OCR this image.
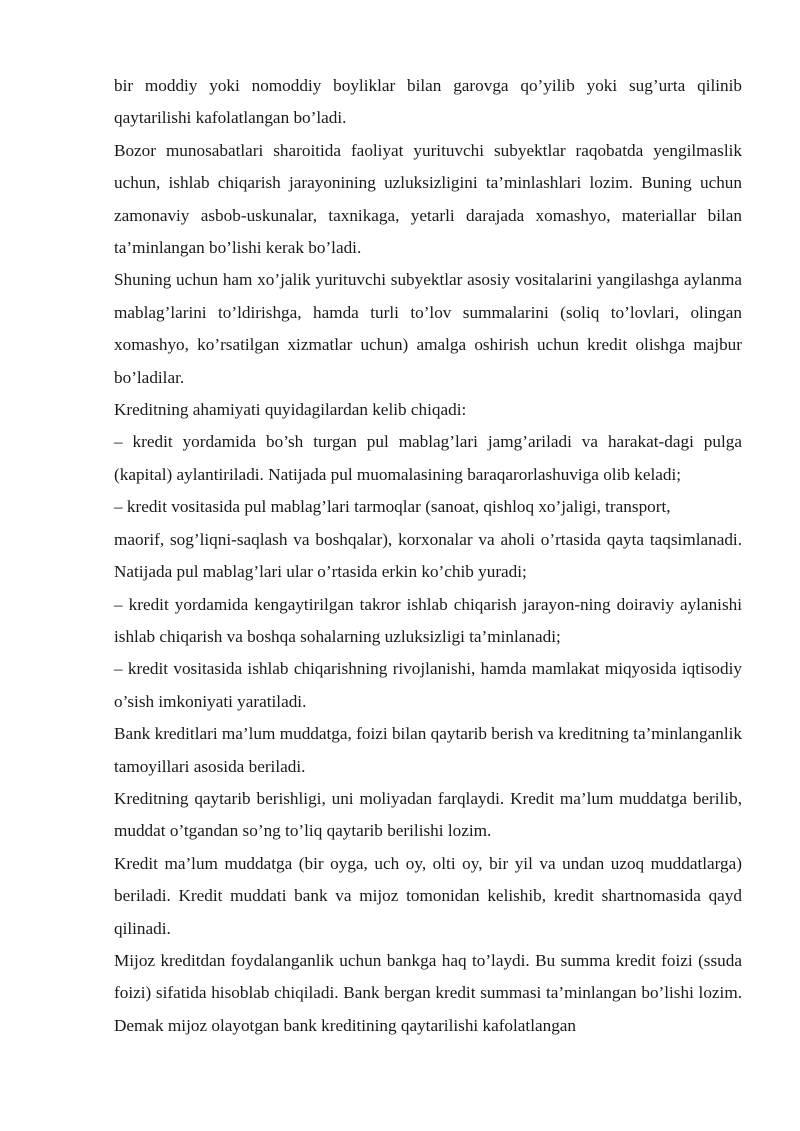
bir moddiy yoki nomoddiy boyliklar bilan garovga qo’yilib yoki sug’urta qilinib qaytarilishi kafolatlangan bo’ladi.

Bozor munosabatlari sharoitida faoliyat yurituvchi subyektlar raqobatda yengilmaslik uchun, ishlab chiqarish jarayonining uzluksizligini ta’minlashlari lozim. Buning uchun zamonaviy asbob-uskunalar, taxnikaga, yetarli darajada xomashyo, materiallar bilan ta’minlangan bo’lishi kerak bo’ladi.

Shuning uchun ham xo’jalik yurituvchi subyektlar asosiy vositalarini yangilashga aylanma mablag’larini to’ldirishga, hamda turli to’lov summalarini (soliq to’lovlari, olingan xomashyo, ko’rsatilgan xizmatlar uchun) amalga oshirish uchun kredit olishga majbur bo’ladilar.

Kreditning ahamiyati quyidagilardan kelib chiqadi:

– kredit yordamida bo’sh turgan pul mablag’lari jamg’ariladi va harakat-dagi pulga (kapital) aylantiriladi. Natijada pul muomalasining baraqarorlashuviga olib keladi;

– kredit vositasida pul mablag’lari tarmoqlar (sanoat, qishloq xo’jaligi, transport,

maorif, sog’liqni-saqlash va boshqalar), korxonalar va aholi o’rtasida qayta taqsimlanadi. Natijada pul mablag’lari ular o’rtasida erkin ko’chib yuradi;

– kredit yordamida kengaytirilgan takror ishlab chiqarish jarayon-ning doiraviy aylanishi ishlab chiqarish va boshqa sohalarning uzluksizligi ta’minlanadi;

– kredit vositasida ishlab chiqarishning rivojlanishi, hamda mamlakat miqyosida iqtisodiy o’sish imkoniyati yaratiladi.

Bank kreditlari ma’lum muddatga, foizi bilan qaytarib berish va kreditning ta’minlanganlik tamoyillari asosida beriladi.

Kreditning qaytarib berishligi, uni moliyadan farqlaydi. Kredit ma’lum muddatga berilib, muddat o’tgandan so’ng to’liq qaytarib berilishi lozim.

Kredit ma’lum muddatga (bir oyga, uch oy, olti oy, bir yil va undan uzoq muddatlarga) beriladi. Kredit muddati bank va mijoz tomonidan kelishib, kredit shartnomasida qayd qilinadi.

Mijoz kreditdan foydalanganlik uchun bankga haq to’laydi. Bu summa kredit foizi (ssuda foizi) sifatida hisoblab chiqiladi. Bank bergan kredit summasi ta’minlangan bo’lishi lozim. Demak mijoz olayotgan bank kreditining qaytarilishi kafolatlangan
